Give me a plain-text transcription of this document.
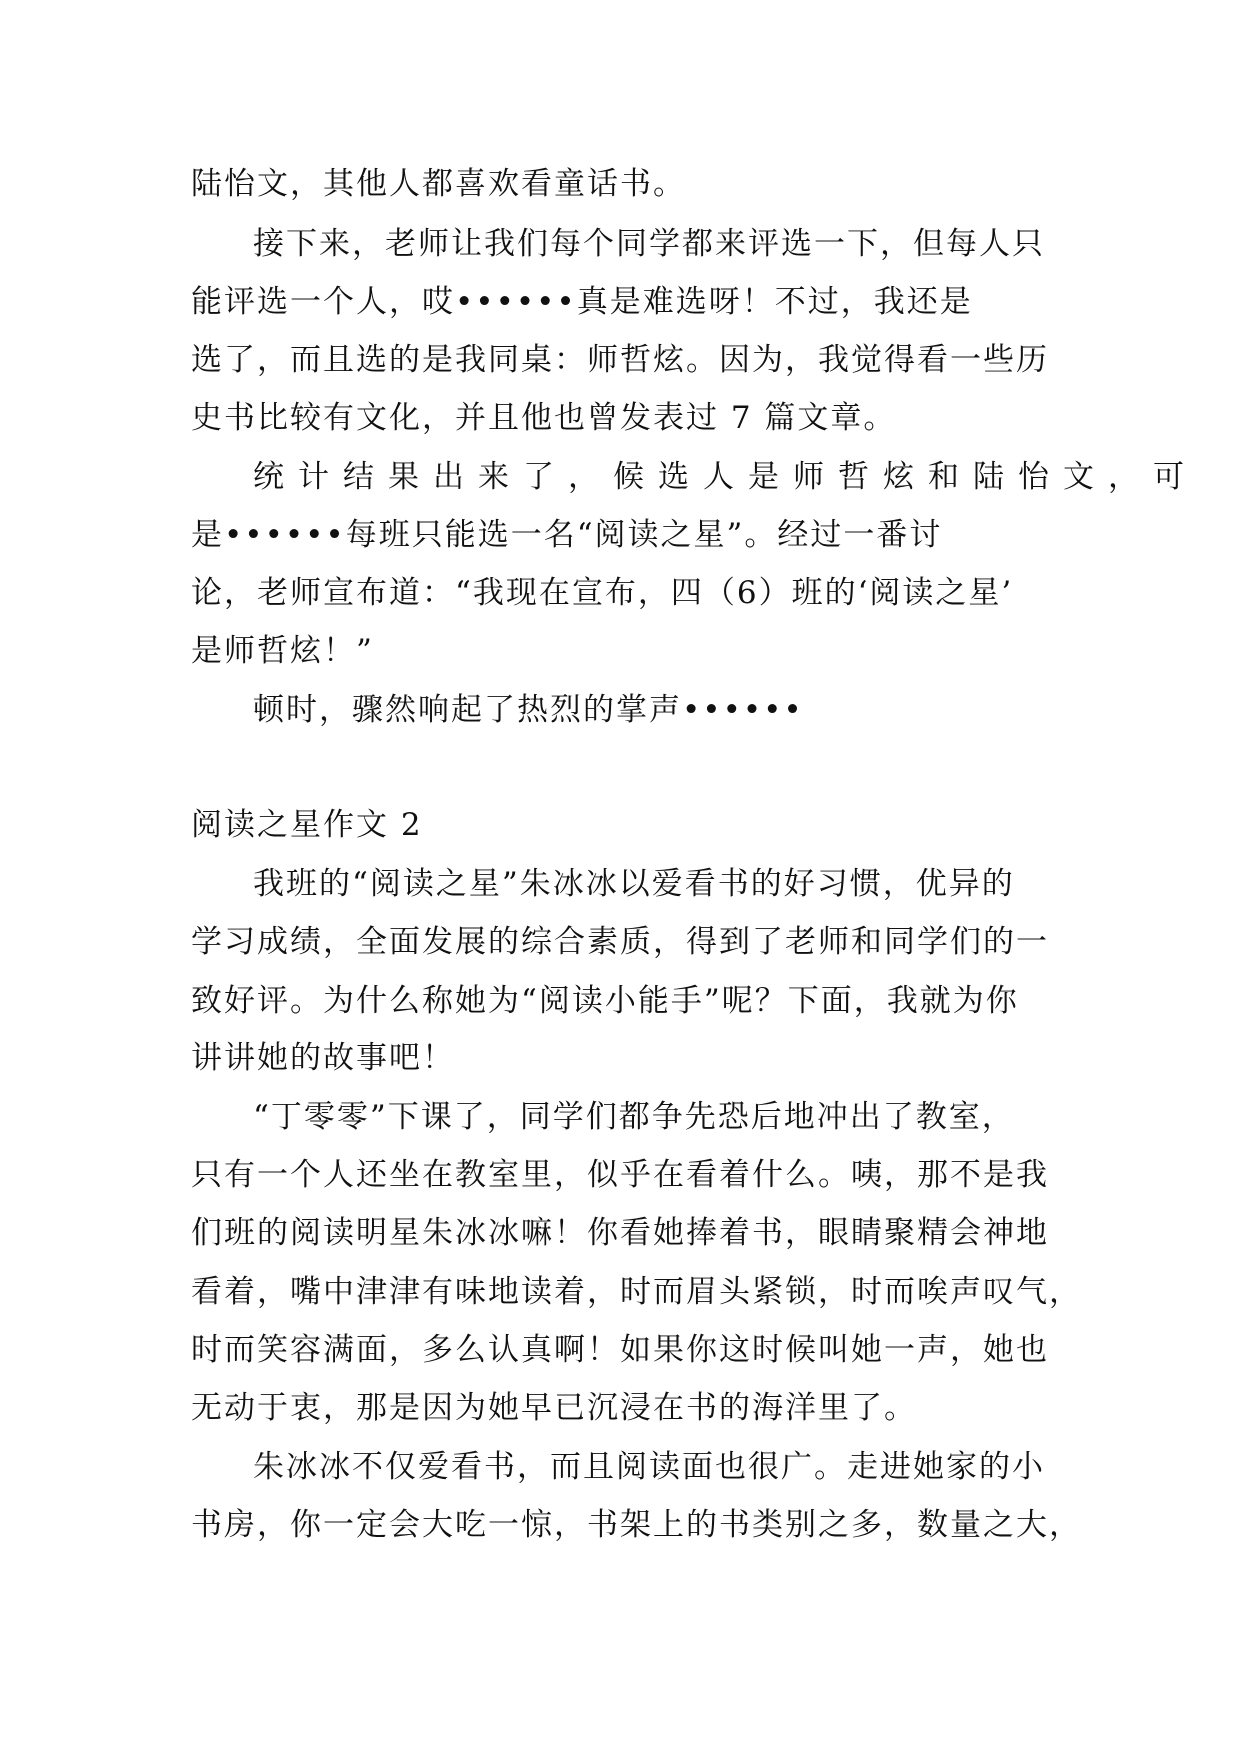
陆怡文，其他人都喜欢看童话书。
接下来，老师让我们每个同学都来评选一下，但每人只
能评选一个人，哎••••••真是难选呀！不过，我还是
选了，而且选的是我同桌：师哲炫。因为，我觉得看一些历
史书比较有文化，并且他也曾发表过 7 篇文章。
统计结果出来了，候选人是师哲炫和陆怡文，可
是••••••每班只能选一名“阅读之星”。经过一番讨
论，老师宣布道：“我现在宣布，四（6）班的‘阅读之星’
是师哲炫！”
顿时，骤然响起了热烈的掌声••••••
阅读之星作文 2
我班的“阅读之星”朱冰冰以爱看书的好习惯，优异的
学习成绩，全面发展的综合素质，得到了老师和同学们的一
致好评。为什么称她为“阅读小能手”呢？下面，我就为你
讲讲她的故事吧！
“丁零零”下课了，同学们都争先恐后地冲出了教室，
只有一个人还坐在教室里，似乎在看着什么。咦，那不是我
们班的阅读明星朱冰冰嘛！你看她捧着书，眼睛聚精会神地
看着，嘴中津津有味地读着，时而眉头紧锁，时而唉声叹气，
时而笑容满面，多么认真啊！如果你这时候叫她一声，她也
无动于衷，那是因为她早已沉浸在书的海洋里了。
朱冰冰不仅爱看书，而且阅读面也很广。走进她家的小
书房，你一定会大吃一惊，书架上的书类别之多，数量之大，
